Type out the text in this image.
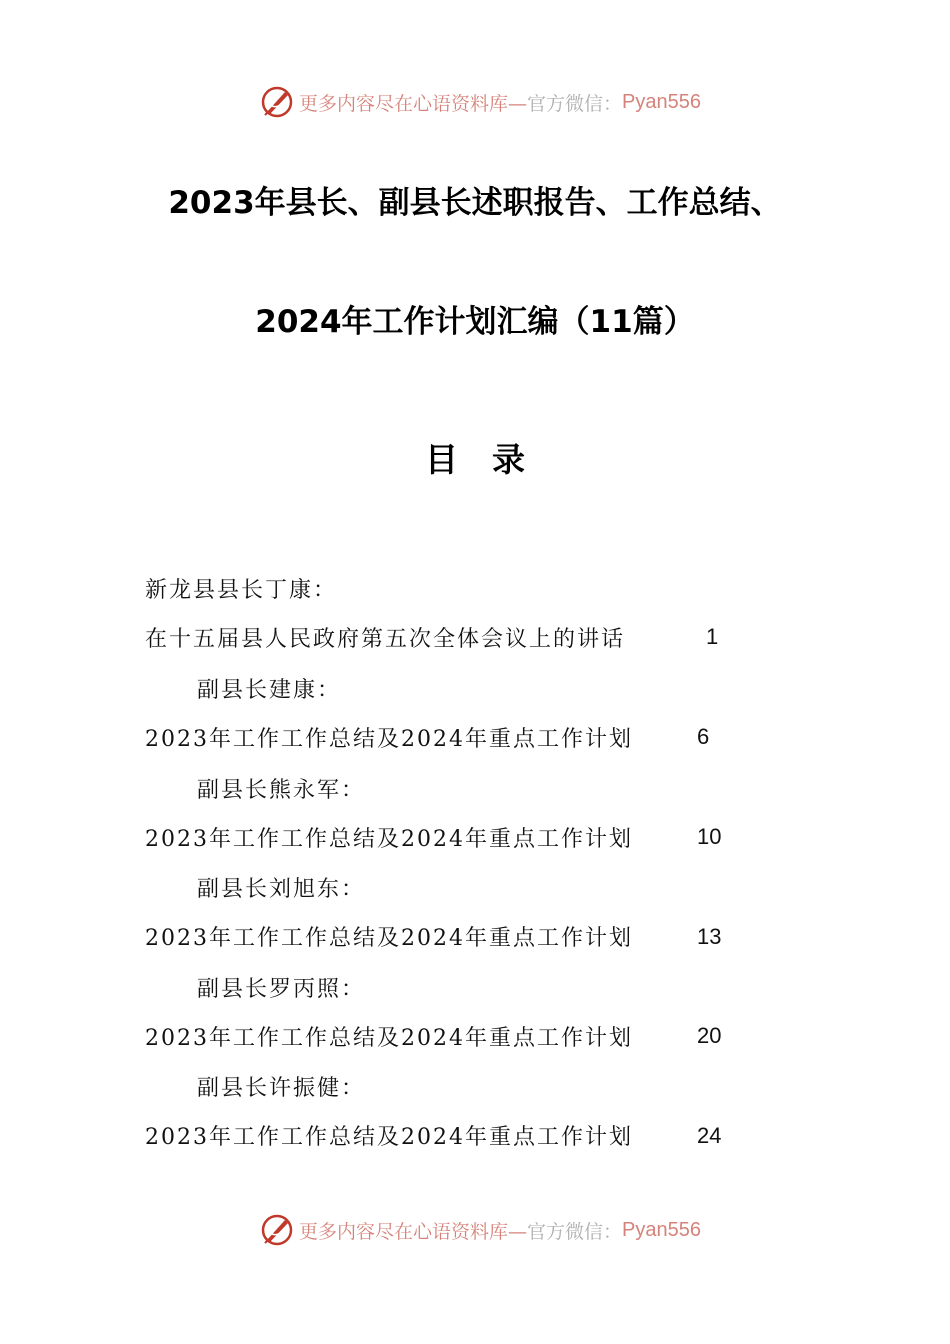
更多内容尽在心语资料库— 官方微信： Pyan556
2023年县长、副县长述职报告、工作总结、
2024年工作计划汇编（11篇）
目录
新龙县县长丁康：
在十五届县人民政府第五次全体会议上的讲话	1
副县长建康：
2023年工作工作总结及2024年重点工作计划	6
副县长熊永军：
2023年工作工作总结及2024年重点工作计划	10
副县长刘旭东：
2023年工作工作总结及2024年重点工作计划	13
副县长罗丙照：
2023年工作工作总结及2024年重点工作计划	20
副县长许振健：
2023年工作工作总结及2024年重点工作计划	24
更多内容尽在心语资料库— 官方微信： Pyan556
